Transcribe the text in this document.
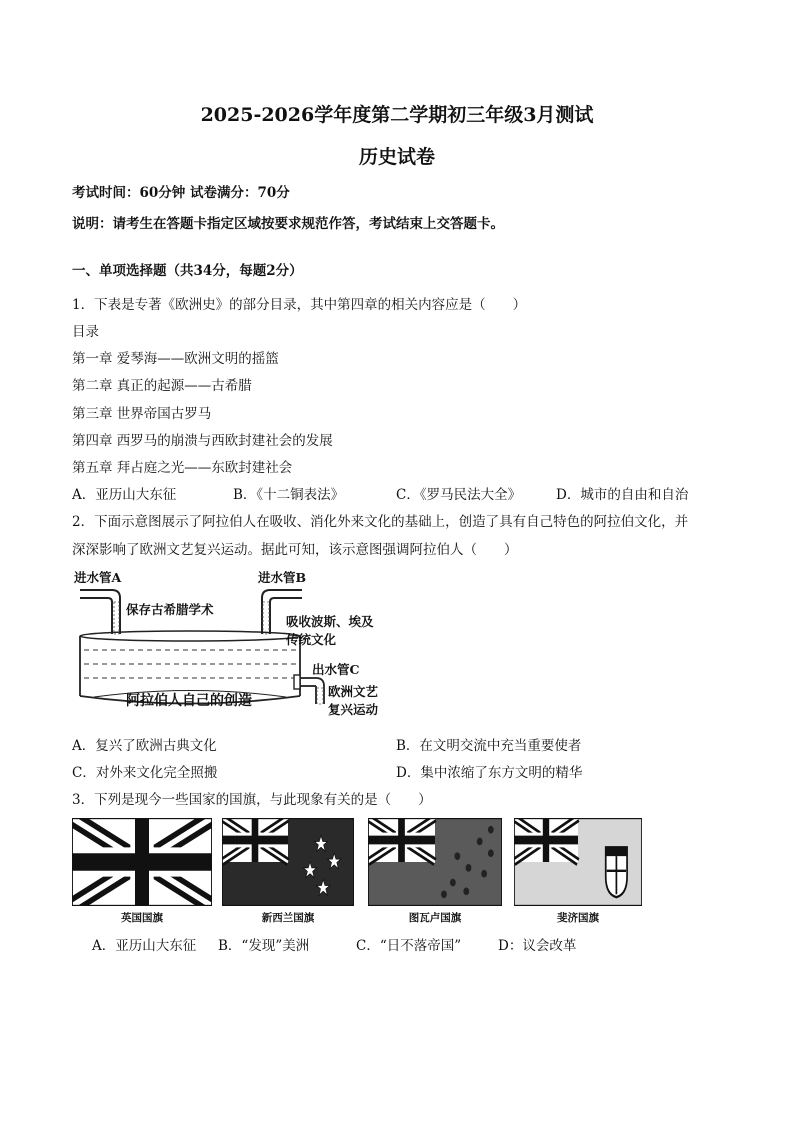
2025-2026学年度第二学期初三年级3月测试
历史试卷
考试时间：60分钟 试卷满分：70分
说明：请考生在答题卡指定区域按要求规范作答，考试结束上交答题卡。
一、单项选择题（共34分，每题2分）
1．下表是专著《欧洲史》的部分目录，其中第四章的相关内容应是（　　）
目录
第一章 爱琴海——欧洲文明的摇篮
第二章 真正的起源——古希腊
第三章 世界帝国古罗马
第四章 西罗马的崩溃与西欧封建社会的发展
第五章 拜占庭之光——东欧封建社会
A．亚历山大东征	B．《十二铜表法》	C．《罗马民法大全》	D．城市的自由和自治
2．下面示意图展示了阿拉伯人在吸收、消化外来文化的基础上，创造了具有自己特色的阿拉伯文化，并
深深影响了欧洲文艺复兴运动。据此可知，该示意图强调阿拉伯人（　　）
进水管A
保存古希腊学术
进水管B
吸收波斯、埃及
传统文化
出水管C
欧洲文艺
复兴运动
阿拉伯人自己的创造
A．复兴了欧洲古典文化	B．在文明交流中充当重要使者
C．对外来文化完全照搬	D．集中浓缩了东方文明的精华
3．下列是现今一些国家的国旗，与此现象有关的是（　　）
英国国旗	新西兰国旗	图瓦卢国旗	斐济国旗
A．亚历山大东征 B．“发现”美洲	C．“日不落帝国”	D：议会改革
